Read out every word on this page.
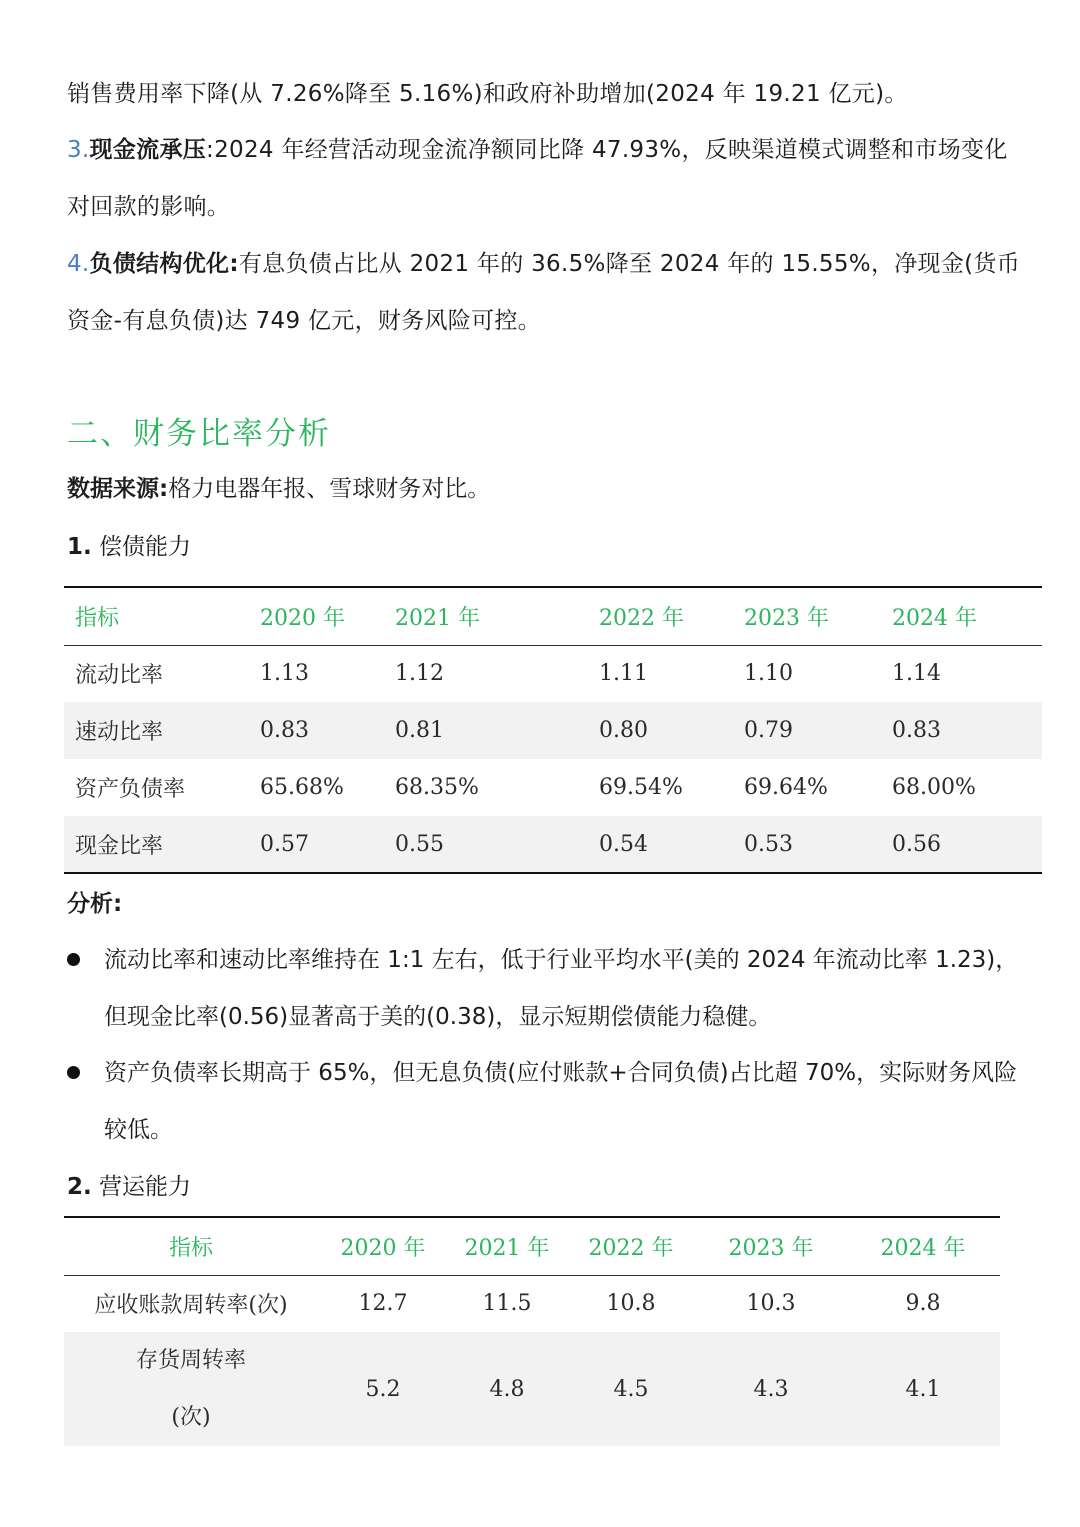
销售费用率下降(从 7.26%降至 5.16%)和政府补助增加(2024 年 19.21 亿元)。
3.现金流承压:2024 年经营活动现金流净额同比降 47.93%，反映渠道模式调整和市场变化对回款的影响。
4.负债结构优化:有息负债占比从 2021 年的 36.5%降至 2024 年的 15.55%，净现金(货币资金-有息负债)达 749 亿元，财务风险可控。
二、财务比率分析
数据来源:格力电器年报、雪球财务对比。
1. 偿债能力
指标	2020 年	2021 年	2022 年	2023 年	2024 年
流动比率	1.13	1.12	1.11	1.10	1.14
速动比率	0.83	0.81	0.80	0.79	0.83
资产负债率	65.68%	68.35%	69.54%	69.64%	68.00%
现金比率	0.57	0.55	0.54	0.53	0.56
分析:
流动比率和速动比率维持在 1:1 左右，低于行业平均水平(美的 2024 年流动比率 1.23)，但现金比率(0.56)显著高于美的(0.38)，显示短期偿债能力稳健。
资产负债率长期高于 65%，但无息负债(应付账款+合同负债)占比超 70%，实际财务风险较低。
2. 营运能力
指标	2020 年	2021 年	2022 年	2023 年	2024 年
应收账款周转率(次)	12.7	11.5	10.8	10.3	9.8

存货周转率(次)	5.2	4.8	4.5	4.3	4.1
